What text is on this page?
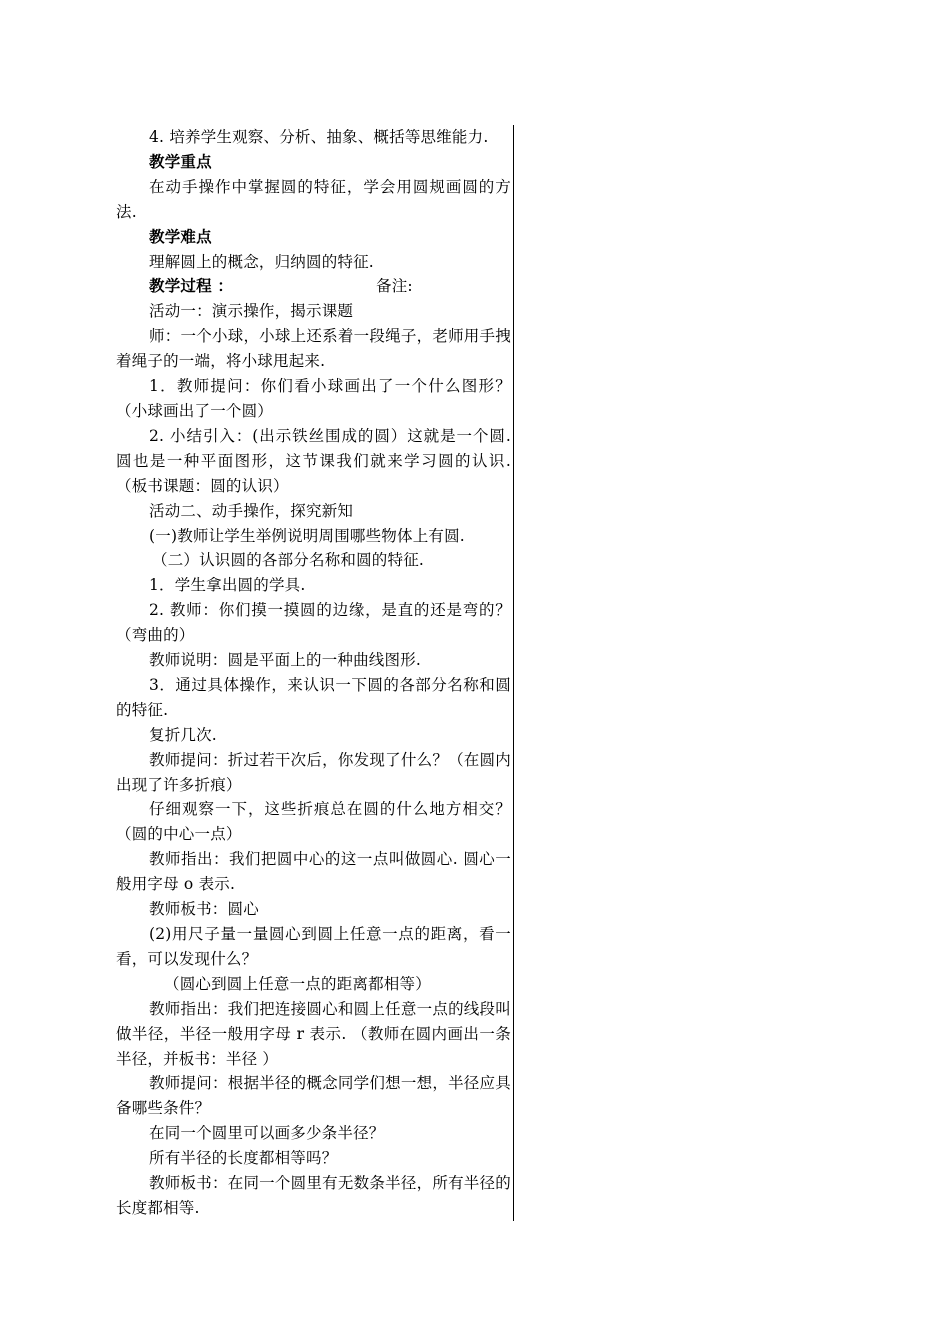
4. 培养学生观察、分析、抽象、概括等思维能力.

教学重点

在动手操作中掌握圆的特征，学会用圆规画圆的方法.

教学难点

理解圆上的概念，归纳圆的特征.

教学过程 ：	备注:

活动一：演示操作，揭示课题

师：一个小球，小球上还系着一段绳子，老师用手拽着绳子的一端，将小球甩起来.

1．教师提问：你们看小球画出了一个什么图形？（小球画出了一个圆）

2. 小结引入：(出示铁丝围成的圆）这就是一个圆. 圆也是一种平面图形，这节课我们就来学习圆的认识.（板书课题：圆的认识）

活动二、动手操作，探究新知

(一)教师让学生举例说明周围哪些物体上有圆.

（二）认识圆的各部分名称和圆的特征.

1．学生拿出圆的学具.

2. 教师：你们摸一摸圆的边缘，是直的还是弯的？（弯曲的）

教师说明：圆是平面上的一种曲线图形.

3．通过具体操作，来认识一下圆的各部分名称和圆的特征.

复折几次.

教师提问：折过若干次后，你发现了什么？（在圆内出现了许多折痕）

仔细观察一下，这些折痕总在圆的什么地方相交？（圆的中心一点）

教师指出：我们把圆中心的这一点叫做圆心. 圆心一般用字母 o 表示.

教师板书：圆心

(2)用尺子量一量圆心到圆上任意一点的距离，看一看，可以发现什么？

（圆心到圆上任意一点的距离都相等）

教师指出：我们把连接圆心和圆上任意一点的线段叫做半径，半径一般用字母 r 表示. （教师在圆内画出一条半径，并板书：半径 ）

教师提问：根据半径的概念同学们想一想，半径应具备哪些条件？

在同一个圆里可以画多少条半径？

所有半径的长度都相等吗？

教师板书：在同一个圆里有无数条半径，所有半径的长度都相等.
